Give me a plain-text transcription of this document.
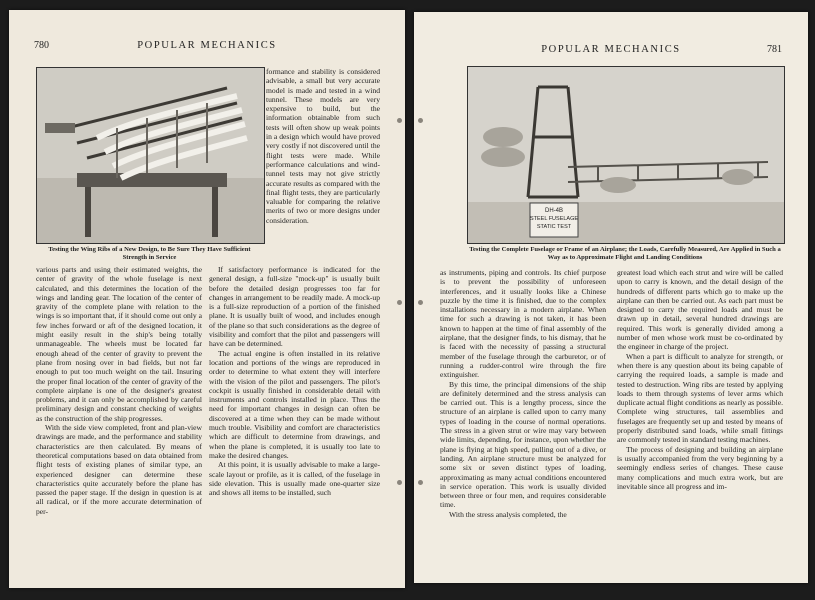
780	POPULAR MECHANICS
Testing the Wing Ribs of a New Design, to Be Sure They Have Sufficient Strength in Service

various parts and using their estimated weights, the center of gravity of the whole fuselage is next calculated, and this determines the location of the wings and landing gear. The location of the center of gravity of the complete plane with relation to the wings is so important that, if it should come out only a few inches forward or aft of the designed location, it might easily result in the ship's being totally unmanageable. The wheels must be located far enough ahead of the center of gravity to prevent the plane from nosing over in bad fields, but not far enough to put too much weight on the tail. Insuring the proper final location of the center of gravity of the complete airplane is one of the designer's greatest problems, and it can only be accomplished by careful preliminary design and constant checking of weights as the construction of the ship progresses.

With the side view completed, front and plan-view drawings are made, and the performance and stability characteristics are then calculated. By means of theoretical computations based on data obtained from flight tests of existing planes of similar type, an experienced designer can determine these characteristics quite accurately before the plane has passed the paper stage. If the design in question is at all radical, or if the more accurate determination of per-

formance and stability is considered advisable, a small but very accurate model is made and tested in a wind tunnel. These models are very expensive to build, but the information obtainable from such tests will often show up weak points in a design which would have proved very costly if not discovered until the flight tests were made. While performance calculations and wind-tunnel tests may not give strictly accurate results as compared with the final flight tests, they are particularly valuable for comparing the relative merits of two or more designs under consideration.

If satisfactory performance is indicated for the general design, a full-size "mock-up" is usually built before the detailed design progresses too far for changes in arrangement to be readily made. A mock-up is a full-size reproduction of a portion of the finished plane. It is usually built of wood, and includes enough of the plane so that such considerations as the degree of visibility and comfort that the pilot and passengers will have can be determined.

The actual engine is often installed in its relative location and portions of the wings are reproduced in order to determine to what extent they will interfere with the vision of the pilot and passengers. The pilot's cockpit is usually finished in considerable detail with instruments and controls installed in place. Thus the need for important changes in design can often be discovered at a time when they can be made without much trouble. Visibility and comfort are characteristics which are difficult to determine from drawings, and when the plane is completed, it is usually too late to make the desired changes.

At this point, it is usually advisable to make a large-scale layout or profile, as it is called, of the fuselage in side elevation. This is usually made one-quarter size and shows all items to be installed, such

POPULAR MECHANICS	781
DH-4B
STEEL FUSELAGE
STATIC TEST
Testing the Complete Fuselage or Frame of an Airplane; the Loads, Carefully Measured, Are Applied in Such a Way as to Approximate Flight and Landing Conditions

as instruments, piping and controls. Its chief purpose is to prevent the possibility of unforeseen interferences, and it usually looks like a Chinese puzzle by the time it is finished, due to the complex installations necessary in a modern airplane. When time for such a drawing is not taken, it has been known to happen at the time of final assembly of the airplane, that the designer finds, to his dismay, that he is faced with the necessity of passing a structural member of the fuselage through the carburetor, or of running a rudder-control wire through the fire extinguisher.

By this time, the principal dimensions of the ship are definitely determined and the stress analysis can be carried out. This is a lengthy process, since the structure of an airplane is called upon to carry many types of loading in the course of normal operations. The stress in a given strut or wire may vary between wide limits, depending, for instance, upon whether the plane is flying at high speed, pulling out of a dive, or landing. An airplane structure must be analyzed for some six or seven distinct types of loading, approximating as many actual conditions encountered in service operation. This work is usually divided between three or four men, and requires considerable time.

With the stress analysis completed, the

greatest load which each strut and wire will be called upon to carry is known, and the detail design of the hundreds of different parts which go to make up the airplane can then be carried out. As each part must be designed to carry the required loads and must be drawn up in detail, several hundred drawings are required. This work is generally divided among a number of men whose work must be co-ordinated by the engineer in charge of the project.

When a part is difficult to analyze for strength, or when there is any question about its being capable of carrying the required loads, a sample is made and tested to destruction. Wing ribs are tested by applying loads to them through systems of lever arms which duplicate actual flight conditions as nearly as possible. Complete wing structures, tail assemblies and fuselages are frequently set up and tested by means of properly distributed sand loads, while small fittings are commonly tested in standard testing machines.

The process of designing and building an airplane is usually accompanied from the very beginning by a seemingly endless series of changes. These cause many complications and much extra work, but are inevitable since all progress and im-
